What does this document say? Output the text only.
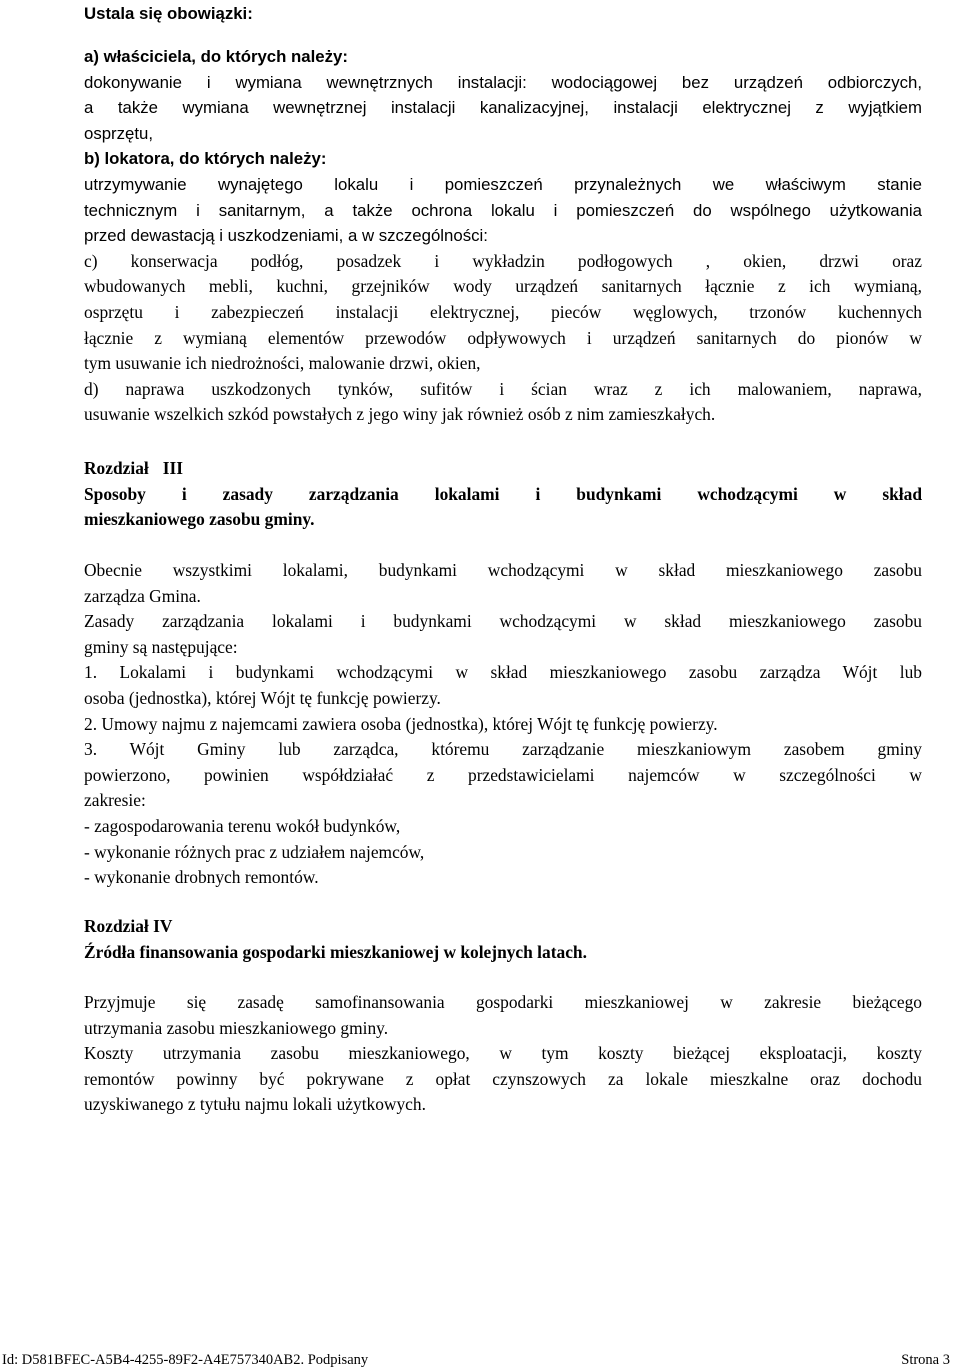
Ustala się obowiązki:
a) właściciela, do których należy:
dokonywanie i wymiana wewnętrznych instalacji: wodociągowej bez urządzeń odbiorczych,
a także wymiana wewnętrznej instalacji kanalizacyjnej, instalacji elektrycznej z wyjątkiem
osprzętu,
b) lokatora, do których należy:
utrzymywanie wynajętego lokalu i pomieszczeń przynależnych we właściwym stanie
technicznym i sanitarnym, a także ochrona lokalu i pomieszczeń do wspólnego użytkowania
przed dewastacją i uszkodzeniami, a w szczególności:
c) konserwacja podłóg, posadzek i wykładzin podłogowych , okien, drzwi oraz
wbudowanych mebli, kuchni, grzejników wody urządzeń sanitarnych łącznie z ich wymianą,
osprzętu i zabezpieczeń instalacji elektrycznej, pieców węglowych, trzonów kuchennych
łącznie z wymianą elementów przewodów odpływowych i urządzeń sanitarnych do pionów w
tym usuwanie ich niedrożności, malowanie drzwi, okien,
d) naprawa uszkodzonych tynków, sufitów i ścian wraz z ich malowaniem, naprawa,
usuwanie wszelkich szkód powstałych z jego winy jak również osób z nim zamieszkałych.
Rozdział III
Sposoby i zasady zarządzania lokalami i budynkami wchodzącymi w skład
mieszkaniowego zasobu gminy.
Obecnie wszystkimi lokalami, budynkami wchodzącymi w skład mieszkaniowego zasobu
zarządza Gmina.
Zasady zarządzania lokalami i budynkami wchodzącymi w skład mieszkaniowego zasobu
gminy są następujące:
1. Lokalami i budynkami wchodzącymi w skład mieszkaniowego zasobu zarządza Wójt lub
osoba (jednostka), której Wójt tę funkcję powierzy.
2. Umowy najmu z najemcami zawiera osoba (jednostka), której Wójt tę funkcję powierzy.
3. Wójt Gminy lub zarządca, któremu zarządzanie mieszkaniowym zasobem gminy
powierzono, powinien współdziałać z przedstawicielami najemców w szczególności w
zakresie:
- zagospodarowania terenu wokół budynków,
- wykonanie różnych prac z udziałem najemców,
- wykonanie drobnych remontów.
Rozdział IV
Źródła finansowania gospodarki mieszkaniowej w kolejnych latach.
Przyjmuje się zasadę samofinansowania gospodarki mieszkaniowej w zakresie bieżącego
utrzymania zasobu mieszkaniowego gminy.
Koszty utrzymania zasobu mieszkaniowego, w tym koszty bieżącej eksploatacji, koszty
remontów powinny być pokrywane z opłat czynszowych za lokale mieszkalne oraz dochodu
uzyskiwanego z tytułu najmu lokali użytkowych.
Id: D581BFEC-A5B4-4255-89F2-A4E757340AB2. Podpisany	Strona 3
